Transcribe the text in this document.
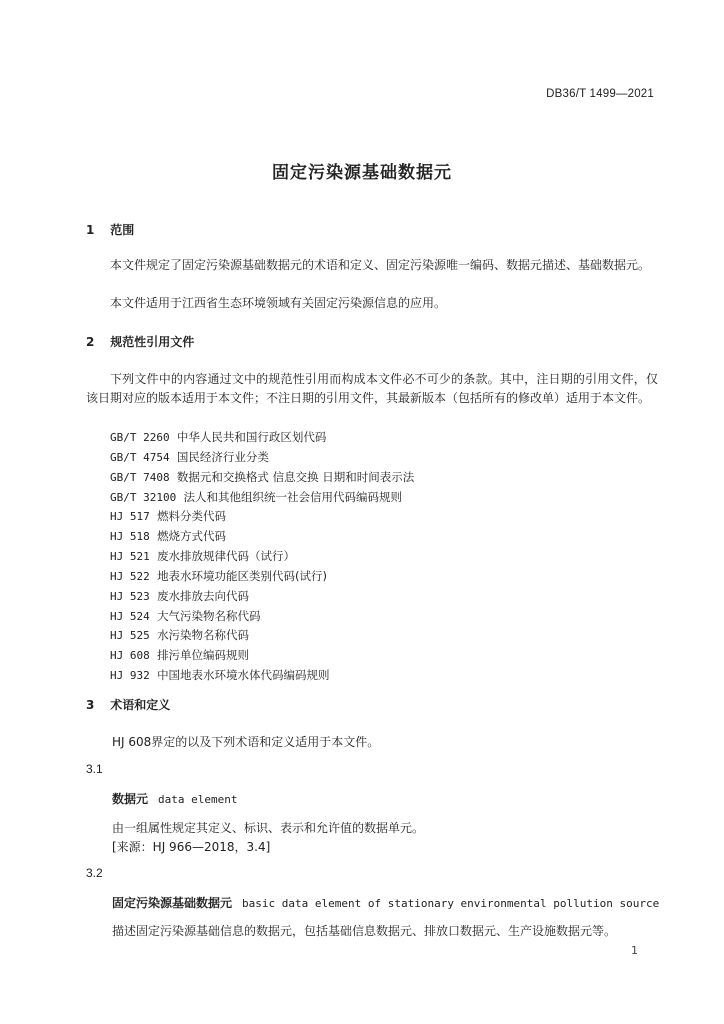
DB36/T 1499—2021
固定污染源基础数据元
1 范围
本文件规定了固定污染源基础数据元的术语和定义、固定污染源唯一编码、数据元描述、基础数据元。
本文件适用于江西省生态环境领域有关固定污染源信息的应用。
2 规范性引用文件
下列文件中的内容通过文中的规范性引用而构成本文件必不可少的条款。其中，注日期的引用文件，仅该日期对应的版本适用于本文件；不注日期的引用文件，其最新版本（包括所有的修改单）适用于本文件。
GB/T 2260 中华人民共和国行政区划代码
GB/T 4754 国民经济行业分类
GB/T 7408 数据元和交换格式 信息交换 日期和时间表示法
GB/T 32100 法人和其他组织统一社会信用代码编码规则
HJ 517 燃料分类代码
HJ 518 燃烧方式代码
HJ 521 废水排放规律代码（试行）
HJ 522 地表水环境功能区类别代码(试行)
HJ 523 废水排放去向代码
HJ 524 大气污染物名称代码
HJ 525 水污染物名称代码
HJ 608 排污单位编码规则
HJ 932 中国地表水环境水体代码编码规则
3 术语和定义
HJ 608界定的以及下列术语和定义适用于本文件。
3.1
数据元 data element
由一组属性规定其定义、标识、表示和允许值的数据单元。
[来源：HJ 966—2018，3.4]
3.2
固定污染源基础数据元 basic data element of stationary environmental pollution source
描述固定污染源基础信息的数据元，包括基础信息数据元、排放口数据元、生产设施数据元等。
1
